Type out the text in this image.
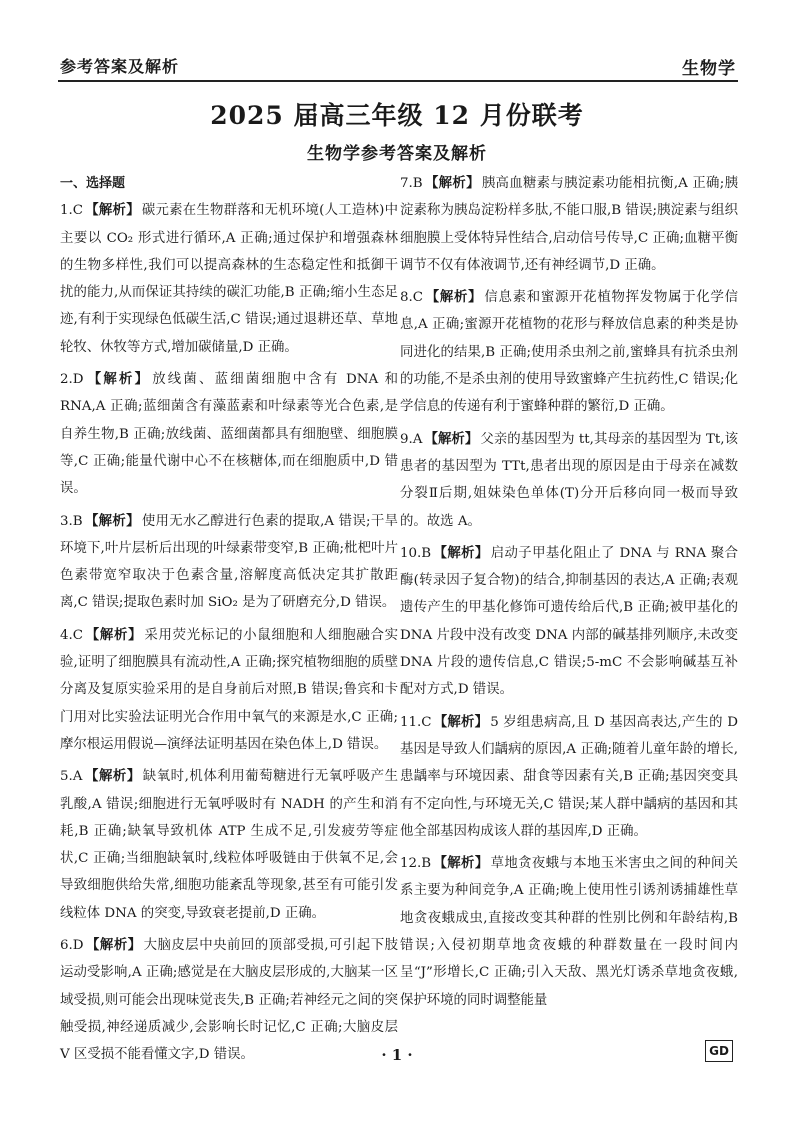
参考答案及解析	生物学
2025 届高三年级 12 月份联考
生物学参考答案及解析
一、选择题
1.C 【解析】 碳元素在生物群落和无机环境(人工造林)中主要以 CO₂ 形式进行循环,A 正确;通过保护和增强森林的生物多样性,我们可以提高森林的生态稳定性和抵御干扰的能力,从而保证其持续的碳汇功能,B 正确;缩小生态足迹,有利于实现绿色低碳生活,C 错误;通过退耕还草、草地轮牧、休牧等方式,增加碳储量,D 正确。
2.D 【解析】 放线菌、蓝细菌细胞中含有 DNA 和 RNA,A 正确;蓝细菌含有藻蓝素和叶绿素等光合色素,是自养生物,B 正确;放线菌、蓝细菌都具有细胞壁、细胞膜等,C 正确;能量代谢中心不在核糖体,而在细胞质中,D 错误。
3.B 【解析】 使用无水乙醇进行色素的提取,A 错误;干旱环境下,叶片层析后出现的叶绿素带变窄,B 正确;枇杷叶片色素带宽窄取决于色素含量,溶解度高低决定其扩散距离,C 错误;提取色素时加 SiO₂ 是为了研磨充分,D 错误。
4.C 【解析】 采用荧光标记的小鼠细胞和人细胞融合实验,证明了细胞膜具有流动性,A 正确;探究植物细胞的质壁分离及复原实验采用的是自身前后对照,B 错误;鲁宾和卡门用对比实验法证明光合作用中氧气的来源是水,C 正确;摩尔根运用假说—演绎法证明基因在染色体上,D 错误。
5.A 【解析】 缺氧时,机体利用葡萄糖进行无氧呼吸产生乳酸,A 错误;细胞进行无氧呼吸时有 NADH 的产生和消耗,B 正确;缺氧导致机体 ATP 生成不足,引发疲劳等症状,C 正确;当细胞缺氧时,线粒体呼吸链由于供氧不足,会导致细胞供给失常,细胞功能紊乱等现象,甚至有可能引发线粒体 DNA 的突变,导致衰老提前,D 正确。
6.D 【解析】 大脑皮层中央前回的顶部受损,可引起下肢运动受影响,A 正确;感觉是在大脑皮层形成的,大脑某一区域受损,则可能会出现味觉丧失,B 正确;若神经元之间的突触受损,神经递质减少,会影响长时记忆,C 正确;大脑皮层 V 区受损不能看懂文字,D 错误。
7.B 【解析】 胰高血糖素与胰淀素功能相抗衡,A 正确;胰淀素称为胰岛淀粉样多肽,不能口服,B 错误;胰淀素与组织细胞膜上受体特异性结合,启动信号传导,C 正确;血糖平衡调节不仅有体液调节,还有神经调节,D 正确。
8.C 【解析】 信息素和蜜源开花植物挥发物属于化学信息,A 正确;蜜源开花植物的花形与释放信息素的种类是协同进化的结果,B 正确;使用杀虫剂之前,蜜蜂具有抗杀虫剂的功能,不是杀虫剂的使用导致蜜蜂产生抗药性,C 错误;化学信息的传递有利于蜜蜂种群的繁衍,D 正确。
9.A 【解析】 父亲的基因型为 tt,其母亲的基因型为 Tt,该患者的基因型为 TTt,患者出现的原因是由于母亲在减数分裂Ⅱ后期,姐妹染色单体(T)分开后移向同一极而导致的。故选 A。
10.B 【解析】 启动子甲基化阻止了 DNA 与 RNA 聚合酶(转录因子复合物)的结合,抑制基因的表达,A 正确;表观遗传产生的甲基化修饰可遗传给后代,B 正确;被甲基化的 DNA 片段中没有改变 DNA 内部的碱基排列顺序,未改变 DNA 片段的遗传信息,C 错误;5-mC 不会影响碱基互补配对方式,D 错误。
11.C 【解析】 5 岁组患病高,且 D 基因高表达,产生的 D 基因是导致人们龋病的原因,A 正确;随着儿童年龄的增长,患龋率与环境因素、甜食等因素有关,B 正确;基因突变具有不定向性,与环境无关,C 错误;某人群中龋病的基因和其他全部基因构成该人群的基因库,D 正确。
12.B 【解析】 草地贪夜蛾与本地玉米害虫之间的种间关系主要为种间竞争,A 正确;晚上使用性引诱剂诱捕雄性草地贪夜蛾成虫,直接改变其种群的性别比例和年龄结构,B 错误;入侵初期草地贪夜蛾的种群数量在一段时间内呈“J”形增长,C 正确;引入天敌、黑光灯诱杀草地贪夜蛾,保护环境的同时调整能量
· 1 ·	GD
